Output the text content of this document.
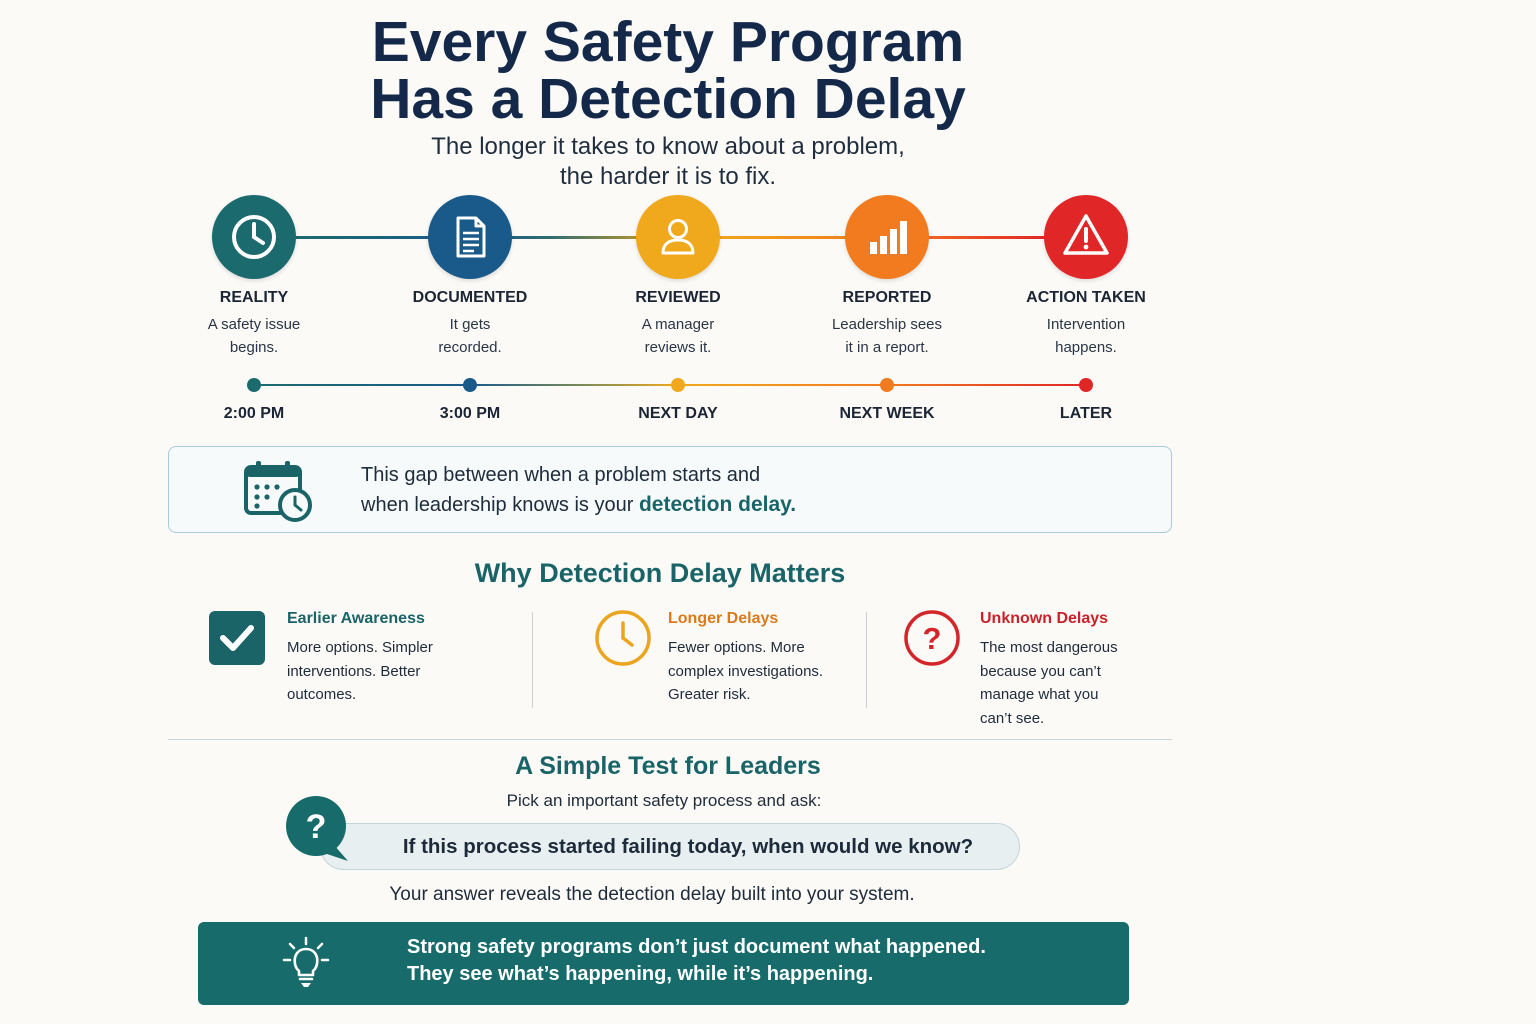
Every Safety Program
Has a Detection Delay
The longer it takes to know about a problem,
the harder it is to fix.
REALITY
A safety issue
begins.
2:00 PM
DOCUMENTED
It gets
recorded.
3:00 PM
REVIEWED
A manager
reviews it.
NEXT DAY
REPORTED
Leadership sees
it in a report.
NEXT WEEK
ACTION TAKEN
Intervention
happens.
LATER
This gap between when a problem starts and
when leadership knows is your detection delay.
Why Detection Delay Matters
Earlier Awareness
More options. Simpler
interventions. Better
outcomes.
Longer Delays
Fewer options. More
complex investigations.
Greater risk.
?
Unknown Delays
The most dangerous
because you can’t
manage what you
can’t see.
A Simple Test for Leaders
Pick an important safety process and ask:
If this process started failing today, when would we know?
?
Your answer reveals the detection delay built into your system.
Strong safety programs don’t just document what happened.
They see what’s happening, while it’s happening.
